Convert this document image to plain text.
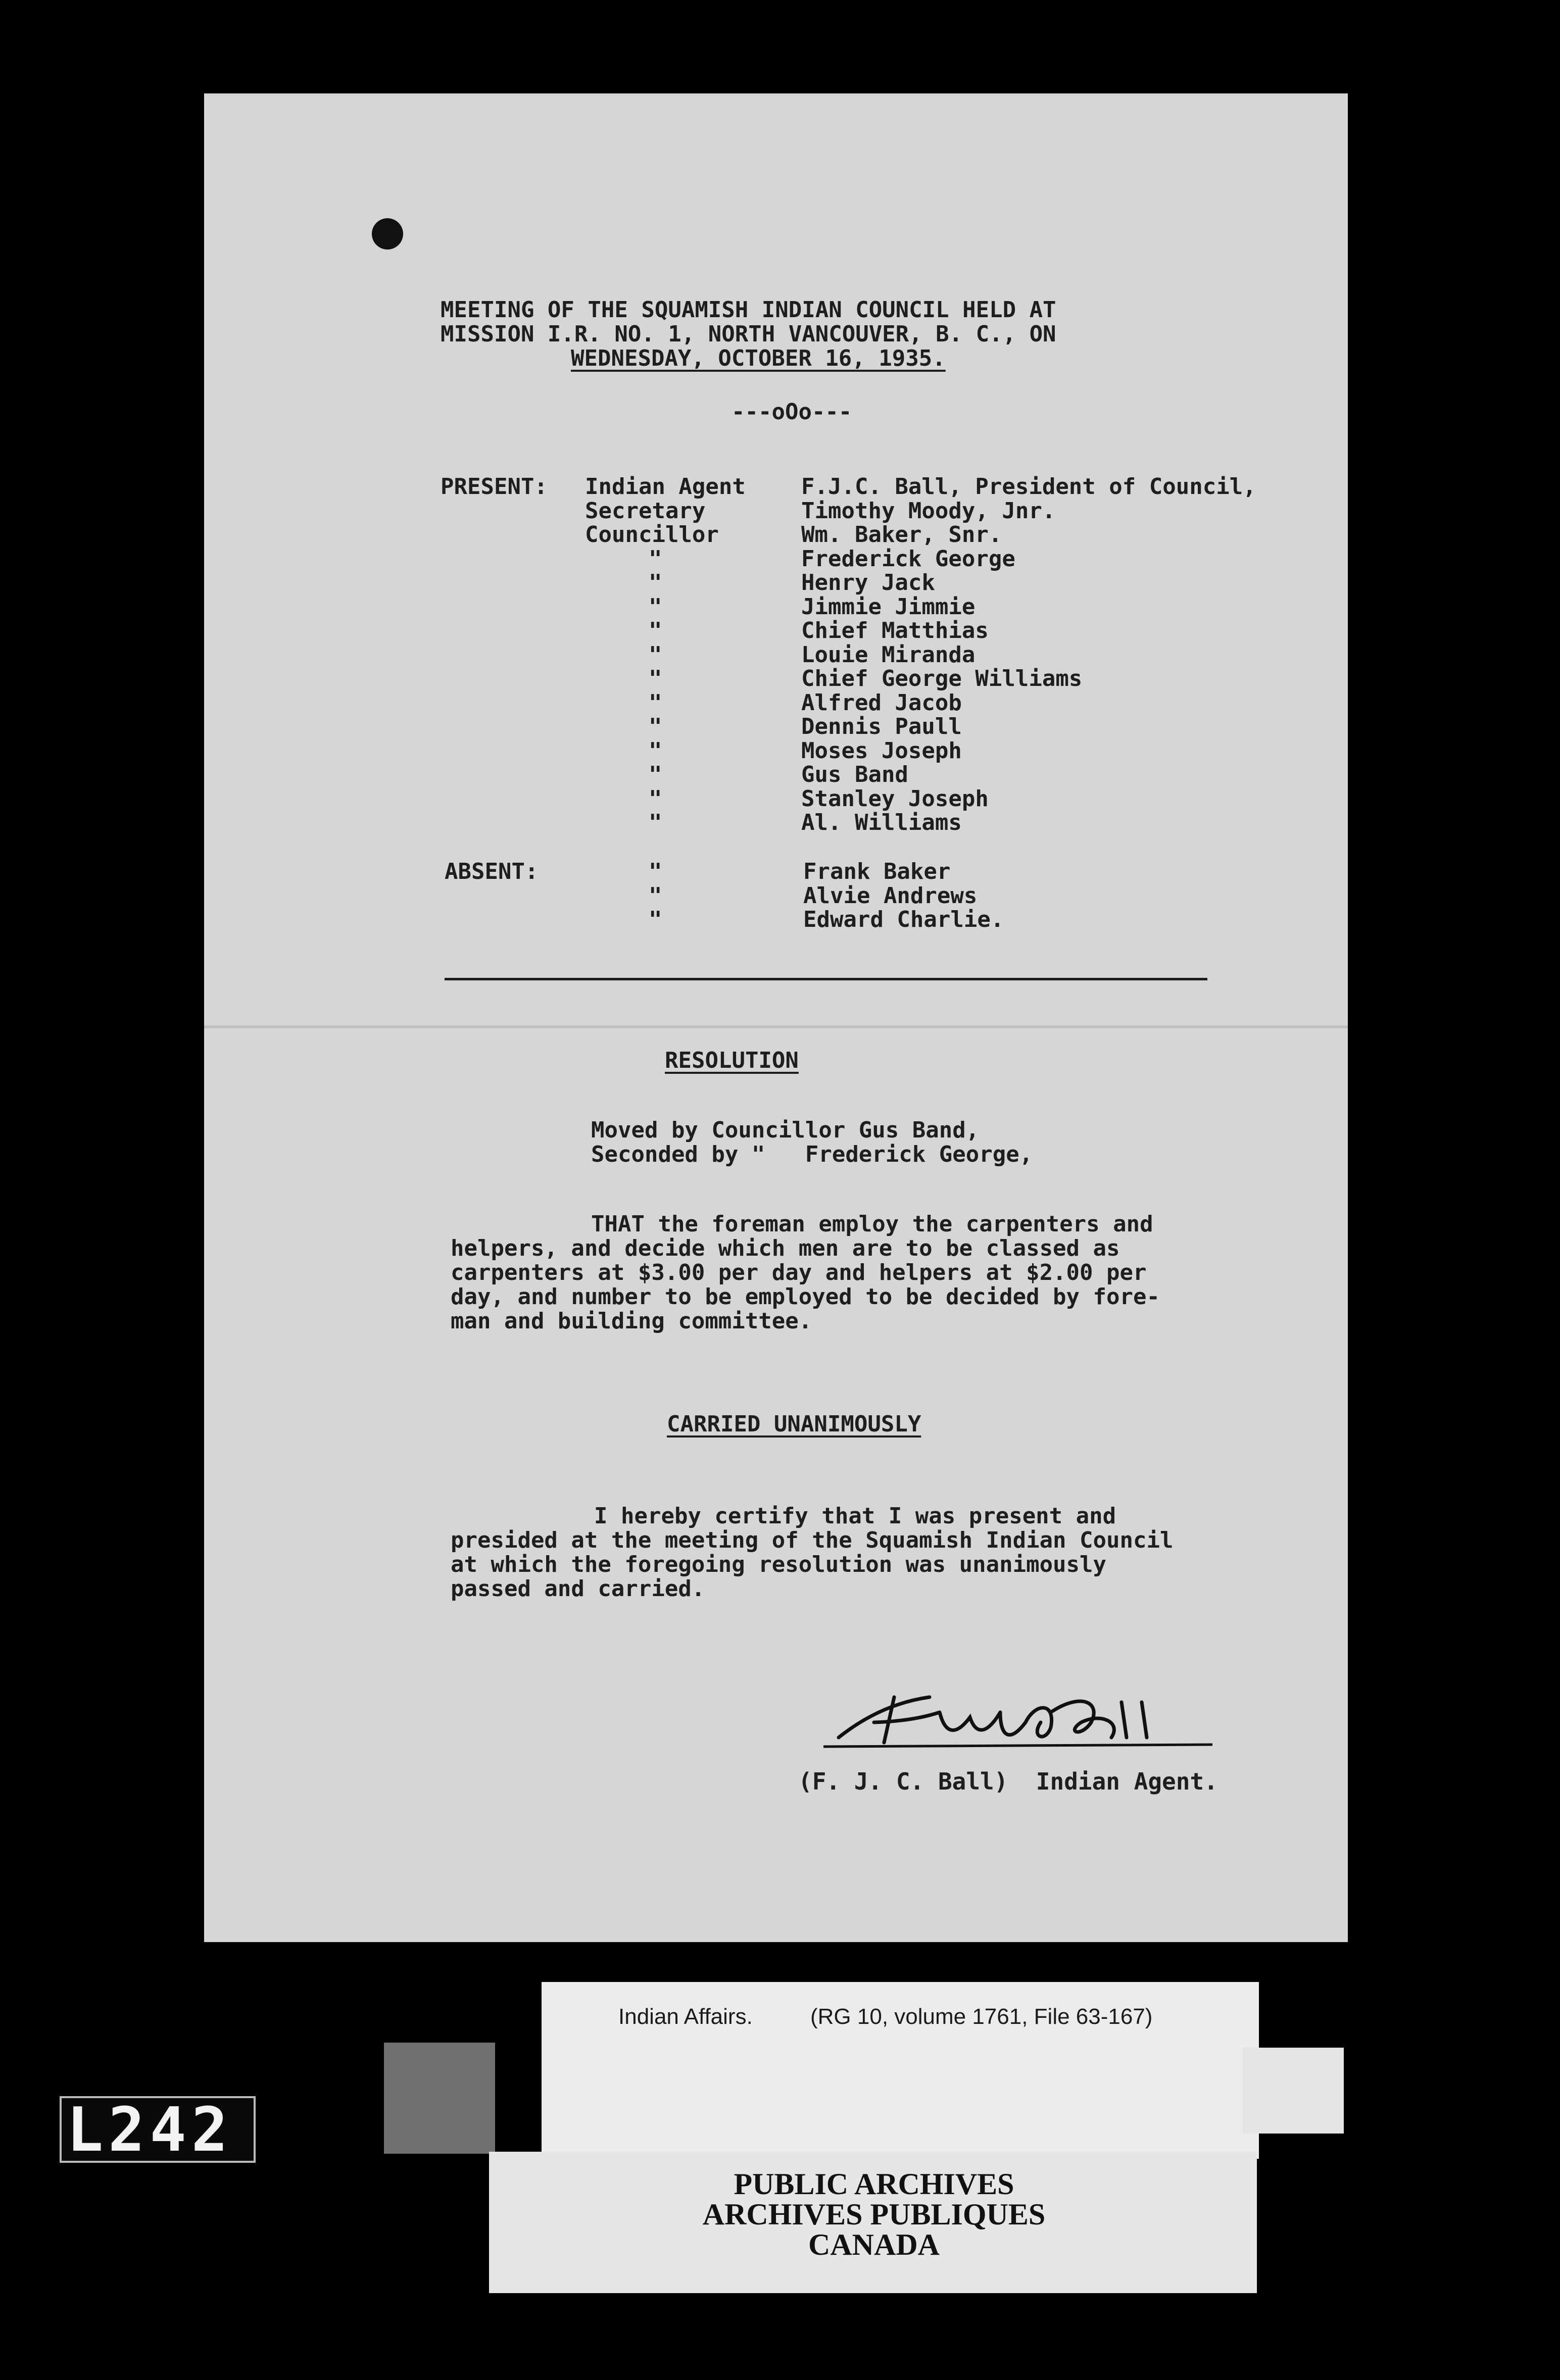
MEETING OF THE SQUAMISH INDIAN COUNCIL HELD AT
MISSION I.R. NO. 1, NORTH VANCOUVER, B. C., ON
WEDNESDAY, OCTOBER 16, 1935.
---oOo---
PRESENT: Indian Agent	F.J.C. Ball, President of Council,
Secretary	Timothy Moody, Jnr.
Councillor	Wm. Baker, Snr.
"	Frederick George
"	Henry Jack
"	Jimmie Jimmie
"	Chief Matthias
"	Louie Miranda
"	Chief George Williams
"	Alfred Jacob
"	Dennis Paull
"	Moses Joseph
"	Gus Band
"	Stanley Joseph
"	Al. Williams
ABSENT:	"	Frank Baker
"	Alvie Andrews
"	Edward Charlie.
RESOLUTION
Moved by Councillor Gus Band,
Seconded by "   Frederick George,
THAT the foreman employ the carpenters and
helpers, and decide which men are to be classed as
carpenters at $3.00 per day and helpers at $2.00 per
day, and number to be employed to be decided by fore-
man and building committee.
CARRIED UNANIMOUSLY
I hereby certify that I was present and
presided at the meeting of the Squamish Indian Council
at which the foregoing resolution was unanimously
passed and carried.
(F. J. C. Ball)  Indian Agent.
Indian Affairs.	(RG 10, volume 1761, File 63-167)
PUBLIC ARCHIVES
ARCHIVES PUBLIQUES
CANADA
L242
